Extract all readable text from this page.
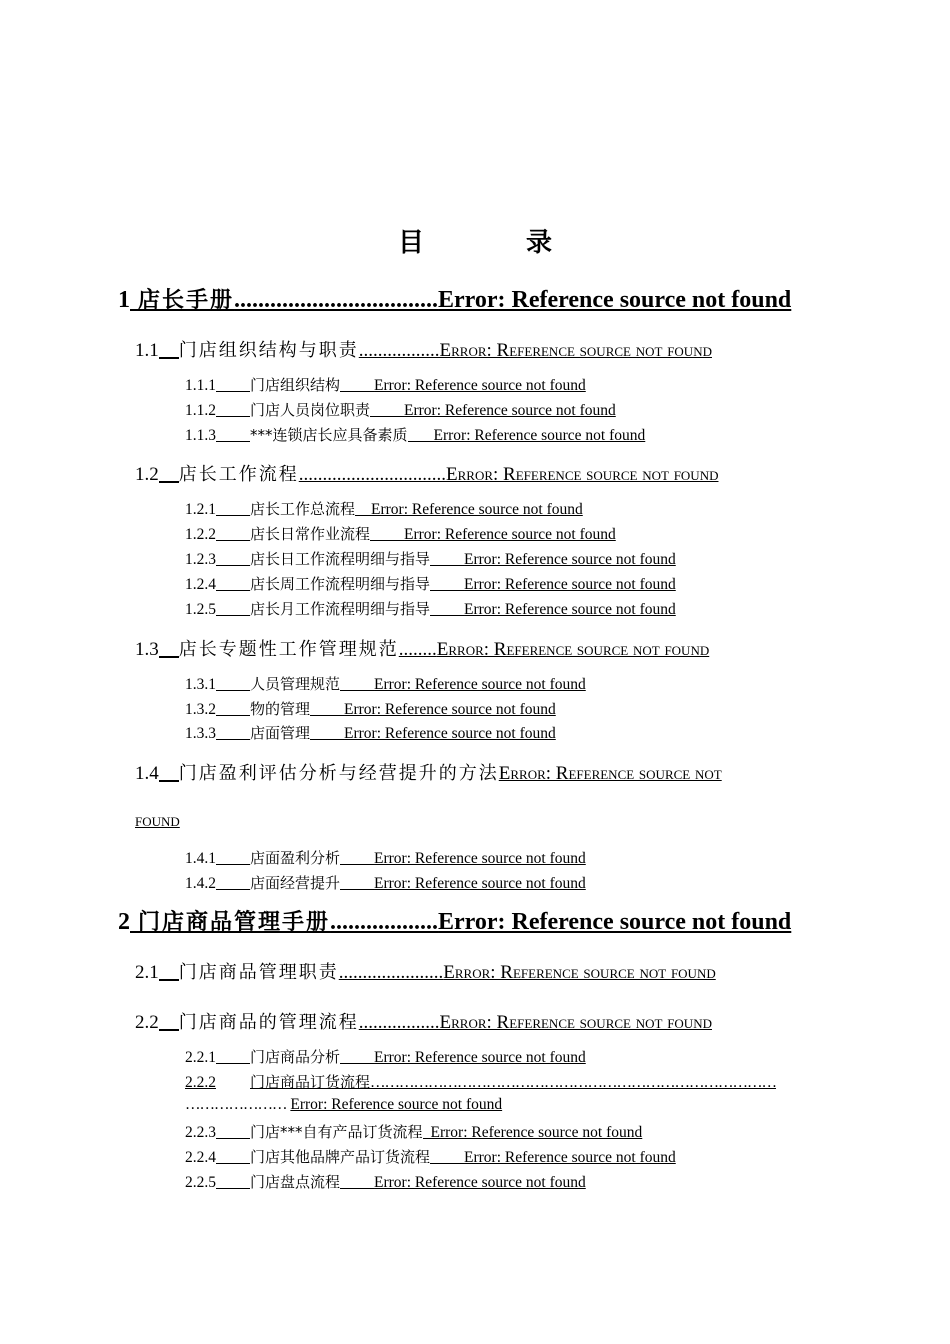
目　录
1 店长手册..................................Error: Reference source not found
1.1 门店组织结构与职责.................Error: Reference source not found
1.1.1 门店组织结构 Error: Reference source not found
1.1.2 门店人员岗位职责 Error: Reference source not found
1.1.3 ***连锁店长应具备素质 Error: Reference source not found
1.2 店长工作流程...............................Error: Reference source not found
1.2.1 店长工作总流程 Error: Reference source not found
1.2.2 店长日常作业流程 Error: Reference source not found
1.2.3 店长日工作流程明细与指导 Error: Reference source not found
1.2.4 店长周工作流程明细与指导 Error: Reference source not found
1.2.5 店长月工作流程明细与指导 Error: Reference source not found
1.3 店长专题性工作管理规范........Error: Reference source not found
1.3.1 人员管理规范 Error: Reference source not found
1.3.2 物的管理 Error: Reference source not found
1.3.3 店面管理 Error: Reference source not found
1.4 门店盈利评估分析与经营提升的方法Error: Reference source not
found
1.4.1 店面盈利分析 Error: Reference source not found
1.4.2 店面经营提升 Error: Reference source not found
2 门店商品管理手册..................Error: Reference source not found
2.1 门店商品管理职责......................Error: Reference source not found
2.2 门店商品的管理流程.................Error: Reference source not found
2.2.1 门店商品分析 Error: Reference source not found
2.2.2 门店商品订货流程…………………………………………………………………………
………………… Error: Reference source not found
2.2.3 门店***自有产品订货流程 Error: Reference source not found
2.2.4 门店其他品牌产品订货流程 Error: Reference source not found
2.2.5 门店盘点流程 Error: Reference source not found
